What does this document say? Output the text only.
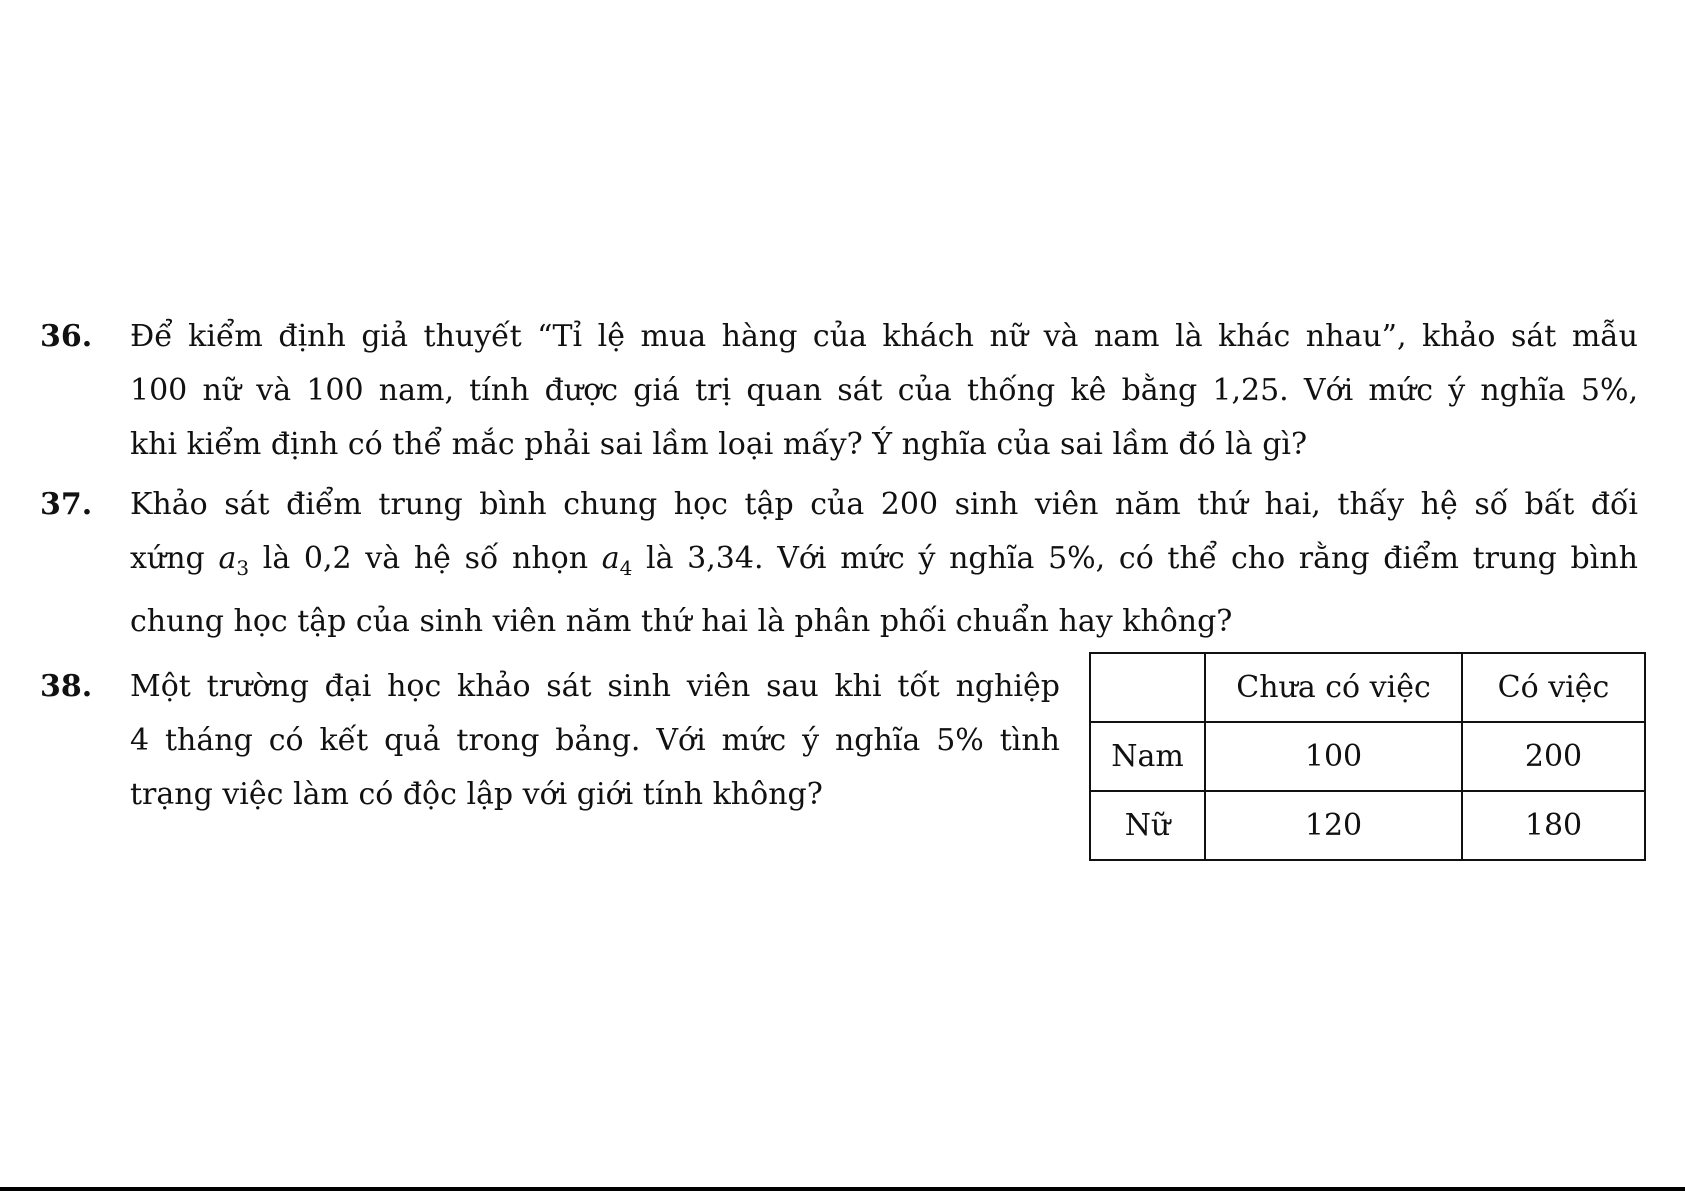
36. Để kiểm định giả thuyết “Tỉ lệ mua hàng của khách nữ và nam là khác nhau”, khảo sát mẫu
100 nữ và 100 nam, tính được giá trị quan sát của thống kê bằng 1,25. Với mức ý nghĩa 5%,
khi kiểm định có thể mắc phải sai lầm loại mấy? Ý nghĩa của sai lầm đó là gì?
37. Khảo sát điểm trung bình chung học tập của 200 sinh viên năm thứ hai, thấy hệ số bất đối
xứng $a_3$ là 0,2 và hệ số nhọn $a_4$ là 3,34. Với mức ý nghĩa 5%, có thể cho rằng điểm trung bình
chung học tập của sinh viên năm thứ hai là phân phối chuẩn hay không?
38. Một trường đại học khảo sát sinh viên sau khi tốt nghiệp
4 tháng có kết quả trong bảng. Với mức ý nghĩa 5% tình
trạng việc làm có độc lập với giới tính không?
	Chưa có việc	Có việc
Nam	100	200
Nữ	120	180
